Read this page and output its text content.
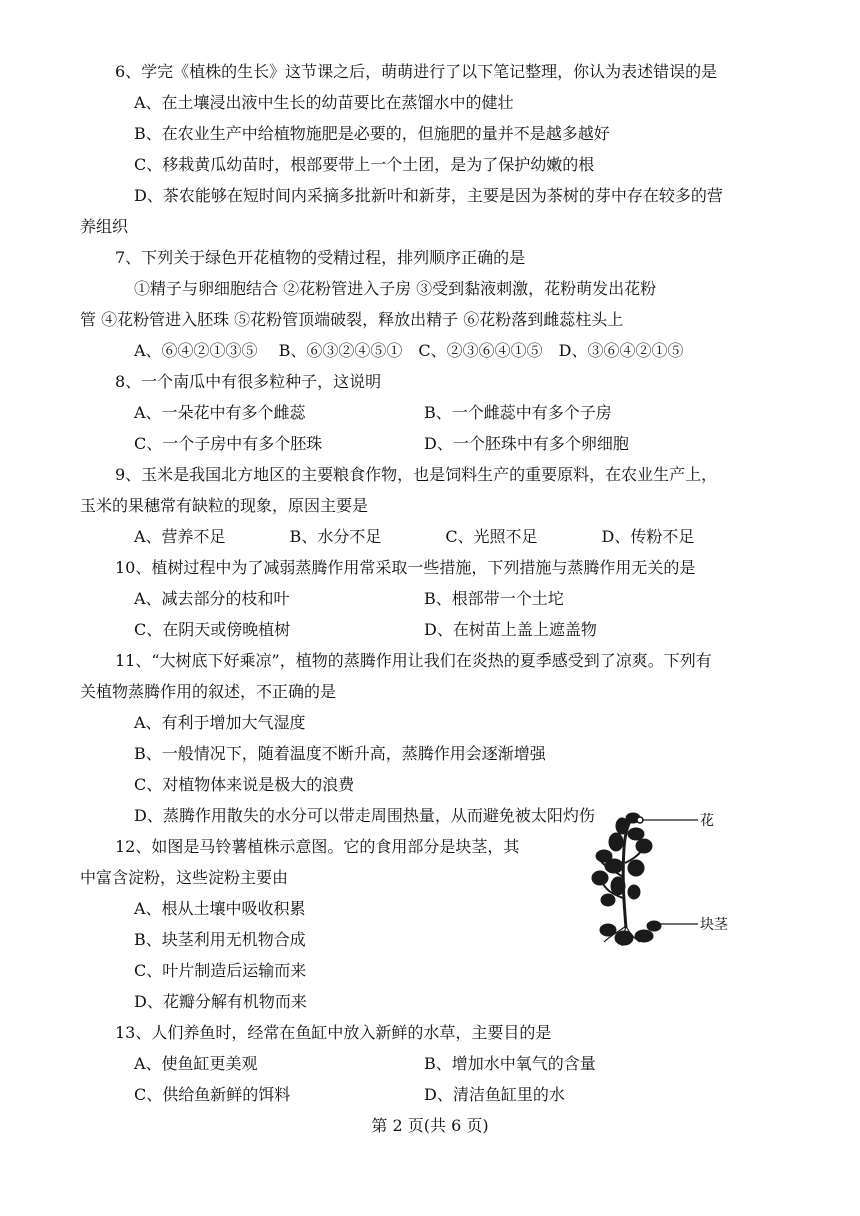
6、学完《植株的生长》这节课之后，萌萌进行了以下笔记整理，你认为表述错误的是
A、在土壤浸出液中生长的幼苗要比在蒸馏水中的健壮
B、在农业生产中给植物施肥是必要的，但施肥的量并不是越多越好
C、移栽黄瓜幼苗时，根部要带上一个土团，是为了保护幼嫩的根
D、茶农能够在短时间内采摘多批新叶和新芽，主要是因为茶树的芽中存在较多的营
养组织
7、下列关于绿色开花植物的受精过程，排列顺序正确的是
①精子与卵细胞结合 ②花粉管进入子房 ③受到黏液刺激，花粉萌发出花粉
管 ④花粉管进入胚珠 ⑤花粉管顶端破裂，释放出精子 ⑥花粉落到雌蕊柱头上
A、⑥④②①③⑤　 B、⑥③②④⑤①　C、②③⑥④①⑤　D、③⑥④②①⑤
8、一个南瓜中有很多粒种子，这说明
A、一朵花中有多个雌蕊	B、一个雌蕊中有多个子房
C、一个子房中有多个胚珠	D、一个胚珠中有多个卵细胞
9、玉米是我国北方地区的主要粮食作物，也是饲料生产的重要原料，在农业生产上，
玉米的果穗常有缺粒的现象，原因主要是
A、营养不足　　　　B、水分不足　　　　C、光照不足　　　　D、传粉不足
10、植树过程中为了减弱蒸腾作用常采取一些措施，下列措施与蒸腾作用无关的是
A、减去部分的枝和叶	B、根部带一个土坨
C、在阴天或傍晚植树	D、在树苗上盖上遮盖物
11、“大树底下好乘凉”，植物的蒸腾作用让我们在炎热的夏季感受到了凉爽。下列有
关植物蒸腾作用的叙述，不正确的是
A、有利于增加大气湿度
B、一般情况下，随着温度不断升高，蒸腾作用会逐渐增强
C、对植物体来说是极大的浪费
D、蒸腾作用散失的水分可以带走周围热量，从而避免被太阳灼伤
12、如图是马铃薯植株示意图。它的食用部分是块茎，其
中富含淀粉，这些淀粉主要由
A、根从土壤中吸收积累
B、块茎利用无机物合成
C、叶片制造后运输而来
D、花瓣分解有机物而来
花
块茎
13、人们养鱼时，经常在鱼缸中放入新鲜的水草，主要目的是
A、使鱼缸更美观	B、增加水中氧气的含量
C、供给鱼新鲜的饵料	D、清洁鱼缸里的水
第 2 页(共 6 页)
